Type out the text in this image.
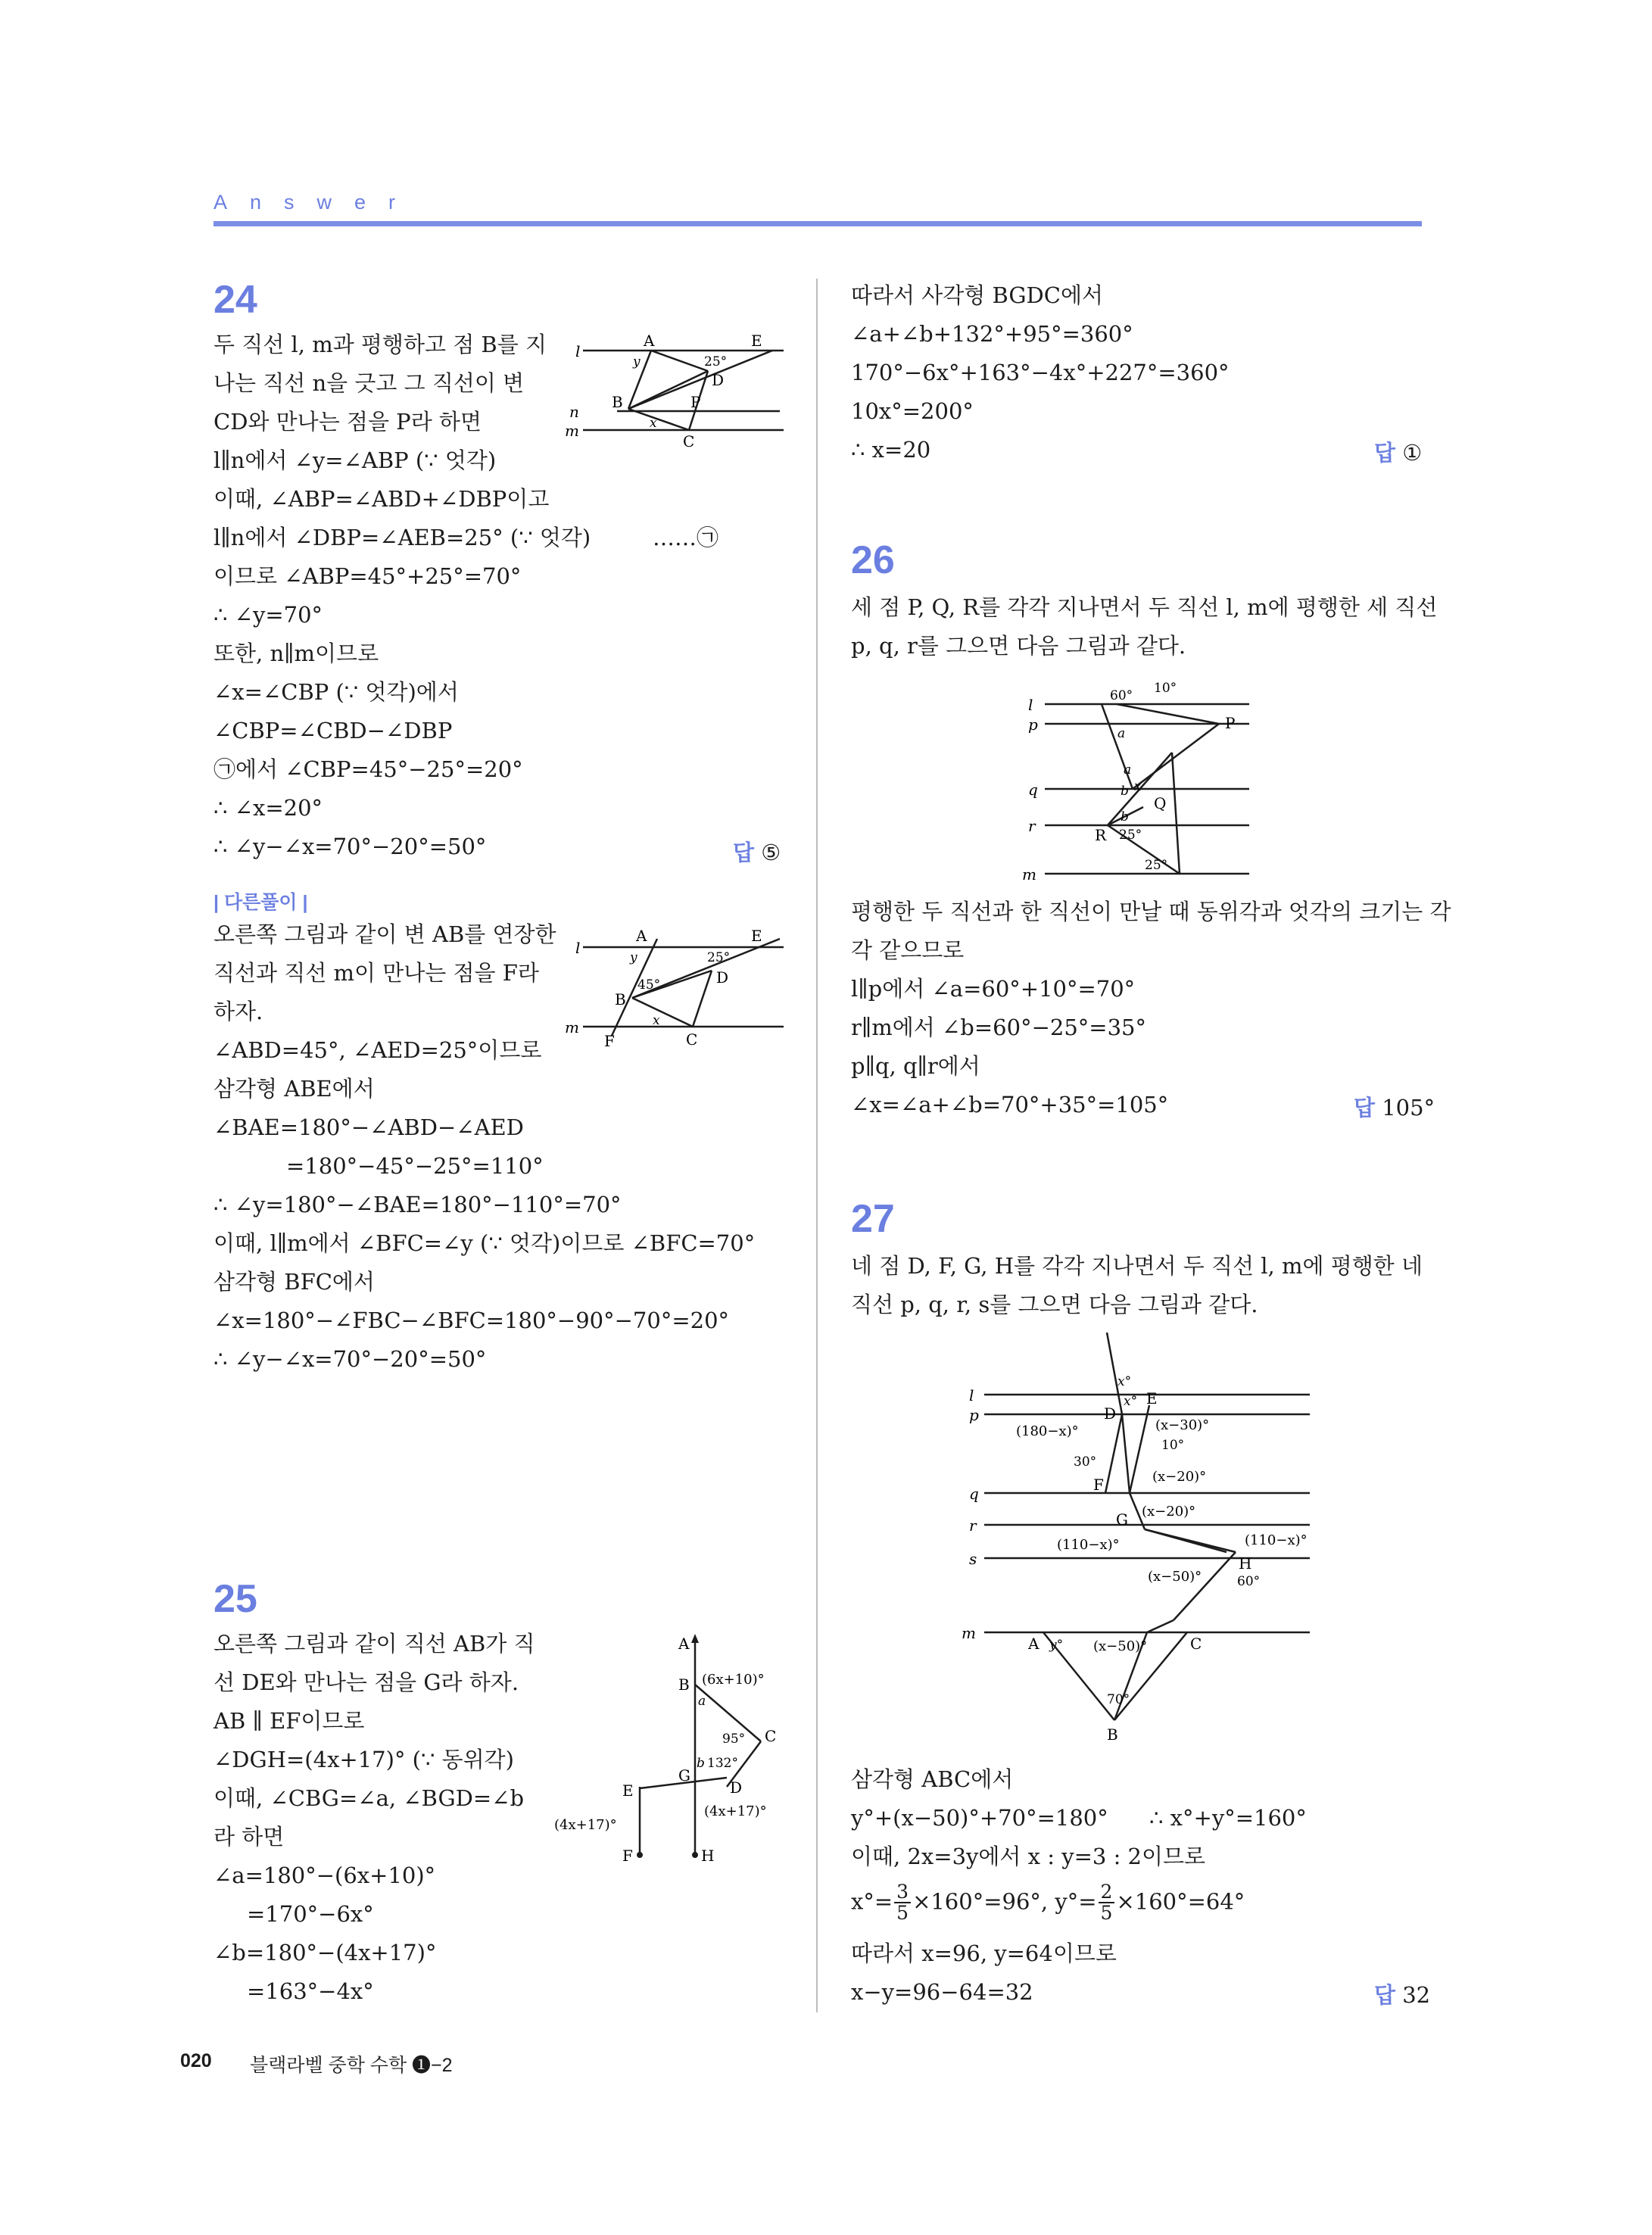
Answer
24
두 직선 l, m과 평행하고 점 B를 지
나는 직선 n을 긋고 그 직선이 변
CD와 만나는 점을 P라 하면
l∥n에서 ∠y=∠ABP (∵ 엇각)
이때, ∠ABP=∠ABD+∠DBP이고
l∥n에서 ∠DBP=∠AEB=25° (∵ 엇각)	……㉠
이므로 ∠ABP=45°+25°=70°
∴ ∠y=70°
또한, n∥m이므로
∠x=∠CBP (∵ 엇각)에서
∠CBP=∠CBD−∠DBP
㉠에서 ∠CBP=45°−25°=20°
∴ ∠x=20°
∴ ∠y−∠x=70°−20°=50°	답 ⑤
| 다른풀이 |
오른쪽 그림과 같이 변 AB를 연장한
직선과 직선 m이 만나는 점을 F라
하자.
∠ABD=45°, ∠AED=25°이므로
삼각형 ABE에서
∠BAE=180°−∠ABD−∠AED
=180°−45°−25°=110°
∴ ∠y=180°−∠BAE=180°−110°=70°
이때, l∥m에서 ∠BFC=∠y (∵ 엇각)이므로 ∠BFC=70°
삼각형 BFC에서
∠x=180°−∠FBC−∠BFC=180°−90°−70°=20°
∴ ∠y−∠x=70°−20°=50°
l
n
m
A	E
y	25°
D
B	P
x
C
l
m
A	E
y	25°
D
B
45°
x
F	C
25
오른쪽 그림과 같이 직선 AB가 직
선 DE와 만나는 점을 G라 하자.
AB ∥ EF이므로
∠DGH=(4x+17)° (∵ 동위각)
이때, ∠CBG=∠a, ∠BGD=∠b
라 하면
∠a=180°−(6x+10)°
=170°−6x°
∠b=180°−(4x+17)°
=163°−4x°
A
B (6x+10)°
a
95° C
b 132°
G
D
E
(4x+17)°
(4x+17)°
F	H
따라서 사각형 BGDC에서
∠a+∠b+132°+95°=360°
170°−6x°+163°−4x°+227°=360°
10x°=200°
∴ x=20	답 ①
26
세 점 P, Q, R를 각각 지나면서 두 직선 l, m에 평행한 세 직선
p, q, r를 그으면 다음 그림과 같다.
l
p
q
r
m
60° 10°
a
P
a
b x
Q
b
R 25°
25°
평행한 두 직선과 한 직선이 만날 때 동위각과 엇각의 크기는 각
각 같으므로
l∥p에서 ∠a=60°+10°=70°
r∥m에서 ∠b=60°−25°=35°
p∥q, q∥r에서
∠x=∠a+∠b=70°+35°=105°	답 105°
27
네 점 D, F, G, H를 각각 지나면서 두 직선 l, m에 평행한 네
직선 p, q, r, s를 그으면 다음 그림과 같다.
l
p
q
r
s
m
x°
x° E
D
(180−x)°	(x−30)°
10°
30°
(x−20)°
F
G (x−20)°
(110−x)°	(110−x)°
H
(x−50)°	60°
A y° (x−50)°	C
70°
B
삼각형 ABC에서
y°+(x−50)°+70°=180° ∴ x°+y°=160°
이때, 2x=3y에서 x : y=3 : 2이므로
$x^\circ= \frac{3}{5} \times 160^\circ=96^\circ$, $y^\circ= \frac{2}{5} \times 160^\circ=64^\circ$
따라서 x=96, y=64이므로
x−y=96−64=32	답 32
020 블랙라벨 중학 수학 ❶−2
